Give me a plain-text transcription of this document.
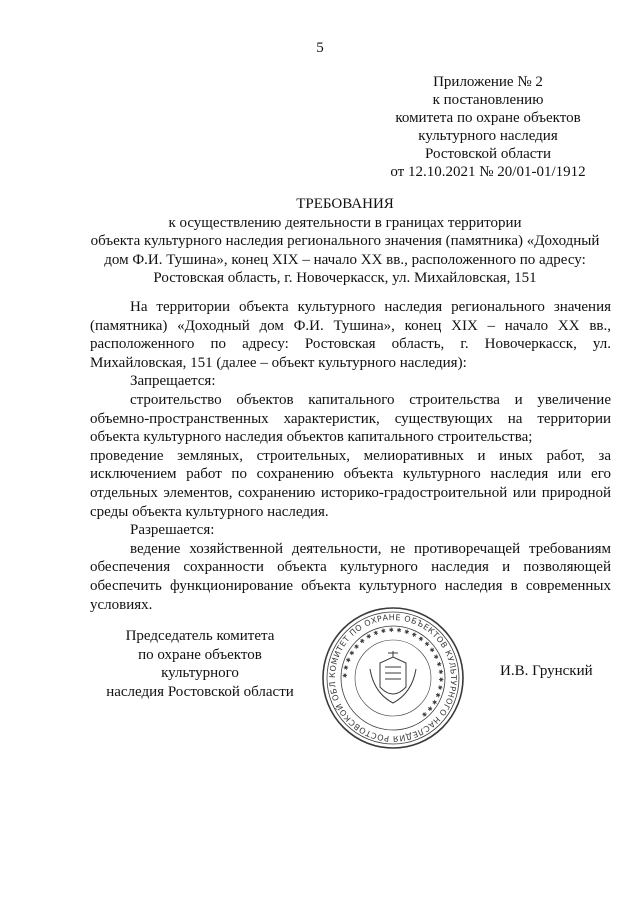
5
Приложение № 2
к постановлению
комитета по охране объектов
культурного наследия
Ростовской области
от 12.10.2021 № 20/01-01/1912
ТРЕБОВАНИЯ
к осуществлению деятельности в границах территории
объекта культурного наследия регионального значения (памятника) «Доходный
дом Ф.И. Тушина», конец XIX – начало XX вв., расположенного по адресу:
Ростовская область, г. Новочеркасск, ул. Михайловская, 151

На территории объекта культурного наследия регионального значения (памятника) «Доходный дом Ф.И. Тушина», конец XIX – начало XX вв., расположенного по адресу: Ростовская область, г. Новочеркасск, ул. Михайловская, 151 (далее – объект культурного наследия):

Запрещается:

строительство объектов капитального строительства и увеличение объемно-пространственных характеристик, существующих на территории объекта культурного наследия объектов капитального строительства;

проведение земляных, строительных, мелиоративных и иных работ, за исключением работ по сохранению объекта культурного наследия или его отдельных элементов, сохранению историко-градостроительной или природной среды объекта культурного наследия.

Разрешается:

ведение хозяйственной деятельности, не противоречащей требованиям обеспечения сохранности объекта культурного наследия и позволяющей обеспечить функционирование объекта культурного наследия в современных условиях.

Председатель комитета
по охране объектов культурного
наследия Ростовской области
КОМИТЕТ ПО ОХРАНЕ ОБЪЕКТОВ КУЛЬТУРНОГО НАСЛЕДИЯ РОСТОВСКОЙ ОБЛ
✱ ✱ ✱ ✱ ✱ ✱ ✱ ✱ ✱ ✱ ✱ ✱ ✱ ✱ ✱ ✱ ✱ ✱ ✱ ✱ ✱ ✱ ✱ ✱ ✱
И.В. Грунский
